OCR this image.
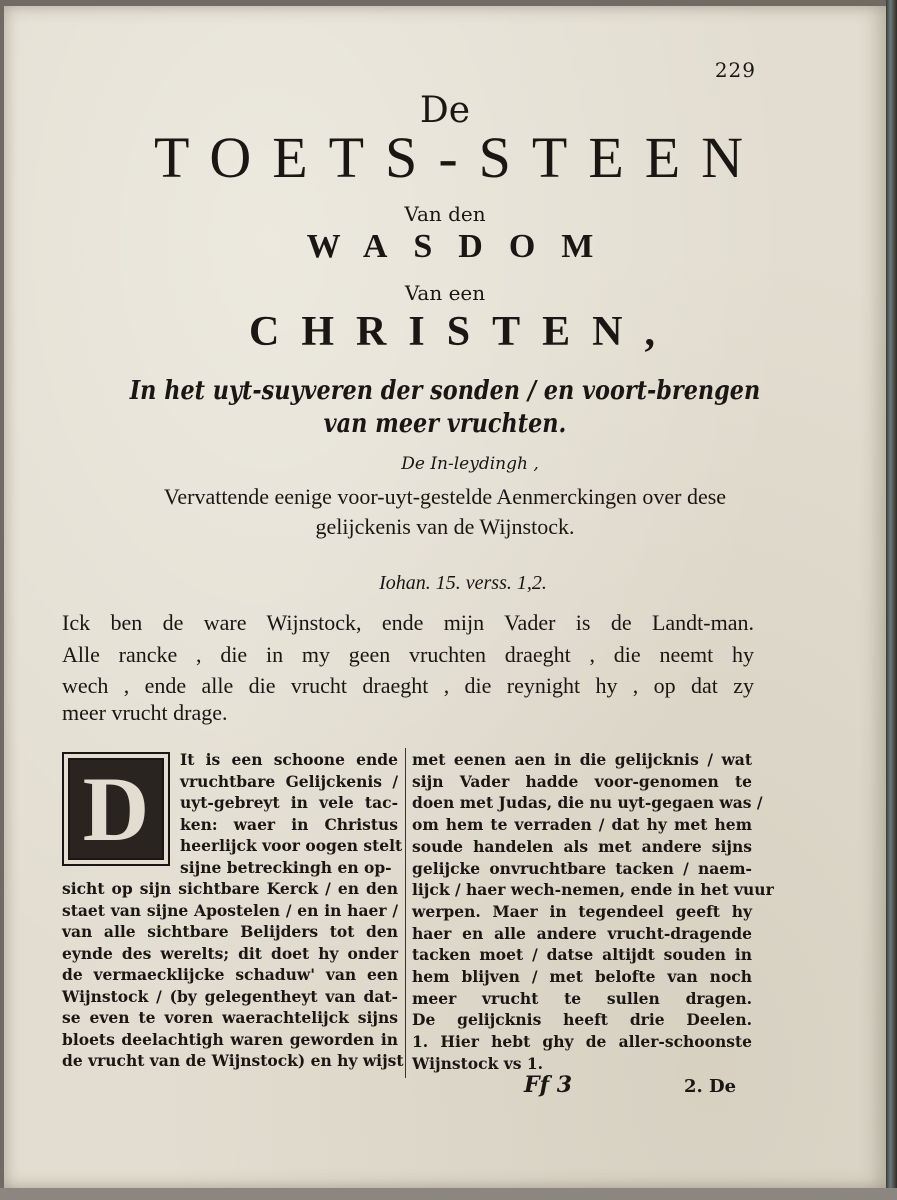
229
De
TOETS-STEEN
Van den
WASDOM
Van een
CHRISTEN,
In het uyt-suyveren der sonden / en voort-brengen
van meer vruchten.
De In-leydingh ,
Vervattende eenige voor-uyt-gestelde Aenmerckingen over dese
gelijckenis van de Wijnstock.
Iohan. 15. verss. 1,2.
Ick ben de ware Wijnstock, ende mijn Vader is de Landt-man.
Alle rancke , die in my geen vruchten draeght , die neemt hy
wech , ende alle die vrucht draeght , die reynight hy , op dat zy
meer vrucht drage.
D
Ff 3	2. De
It is een schoone ende
vruchtbare Gelijckenis /
uyt-gebreyt in vele tac-
ken: waer in Christus
heerlijck voor oogen stelt
sijne betreckingh en op-
sicht op sijn sichtbare Kerck / en den
staet van sijne Apostelen / en in haer /
van alle sichtbare Belijders tot den
eynde des werelts; dit doet hy onder
de vermaecklijcke schaduw' van een
Wijnstock / (by gelegentheyt van dat-
se even te voren waerachtelijck sijns
bloets deelachtigh waren geworden in
de vrucht van de Wijnstock) en hy wijst
met eenen aen in die gelijcknis / wat
sijn Vader hadde voor-genomen te
doen met Judas, die nu uyt-gegaen was /
om hem te verraden / dat hy met hem
soude handelen als met andere sijns
gelijcke onvruchtbare tacken / naem-
lijck / haer wech-nemen, ende in het vuur
werpen. Maer in tegendeel geeft hy
haer en alle andere vrucht-dragende
tacken moet / datse altijdt souden in
hem blijven / met belofte van noch
meer vrucht te sullen dragen.
De gelijcknis heeft drie Deelen.
1. Hier hebt ghy de aller-schoonste
Wijnstock vs 1.
